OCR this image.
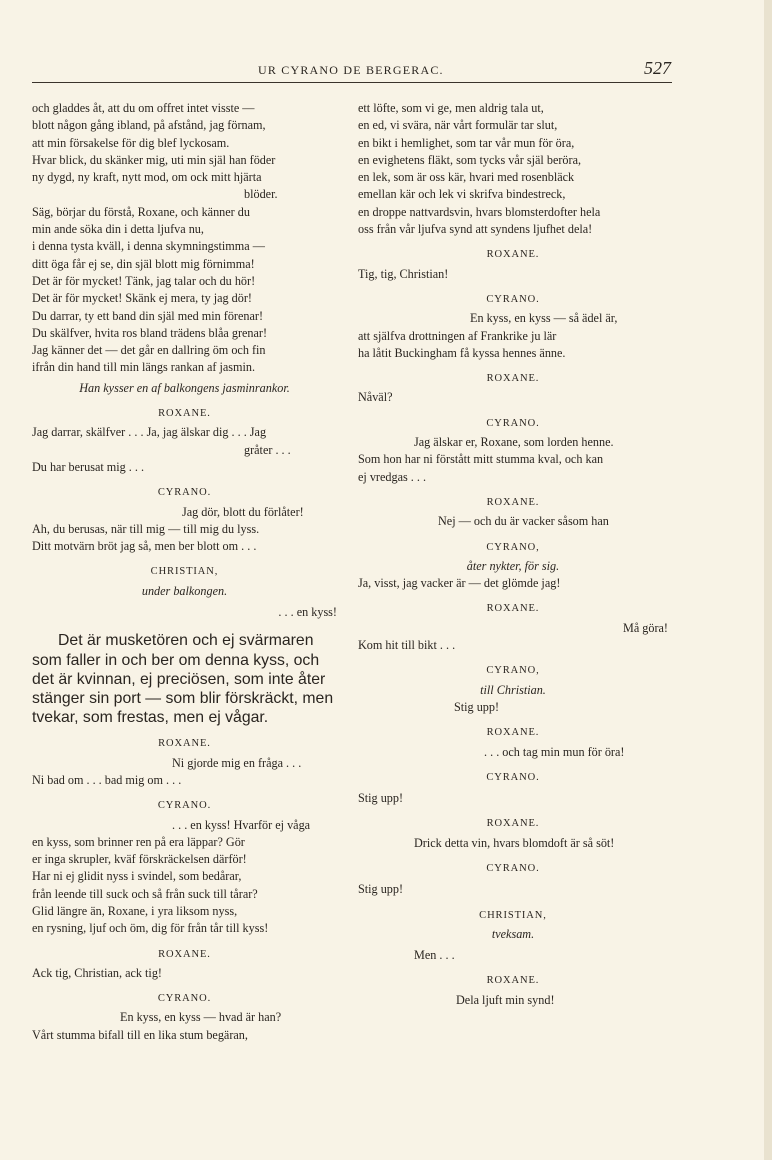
UR CYRANO DE BERGERAC.	527
och gladdes åt, att du om offret intet visste —
blott någon gång ibland, på afstånd, jag förnam,
att min försakelse för dig blef lyckosam.
Hvar blick, du skänker mig, uti min själ han föder
ny dygd, ny kraft, nytt mod, om ock mitt hjärta
blöder.
Säg, börjar du förstå, Roxane, och känner du
min ande söka din i detta ljufva nu,
i denna tysta kväll, i denna skymningstimma —
ditt öga får ej se, din själ blott mig förnimma!
Det är för mycket! Tänk, jag talar och du hör!
Det är för mycket! Skänk ej mera, ty jag dör!
Du darrar, ty ett band din själ med min förenar!
Du skälfver, hvita ros bland trädens blåa grenar!
Jag känner det — det går en dallring öm och fin
ifrån din hand till min längs rankan af jasmin.
Han kysser en af balkongens jasminrankor.
ROXANE.
Jag darrar, skälfver . . . Ja, jag älskar dig . . . Jag
gråter . . .
Du har berusat mig . . .
CYRANO.
Jag dör, blott du förlåter!
Ah, du berusas, när till mig — till mig du lyss.
Ditt motvärn bröt jag så, men ber blott om . . .
CHRISTIAN,
under balkongen.
. . . en kyss!
Det är musketören och ej svärmaren
som faller in och ber om denna kyss, och
det är kvinnan, ej preciösen, som inte åter
stänger sin port — som blir förskräckt, men
tvekar, som frestas, men ej vågar.
ROXANE.
Ni gjorde mig en fråga . . .
Ni bad om . . . bad mig om . . .
CYRANO.
. . . en kyss! Hvarför ej våga
en kyss, som brinner ren på era läppar? Gör
er inga skrupler, kväf förskräckelsen därför!
Har ni ej glidit nyss i svindel, som bedårar,
från leende till suck och så från suck till tårar?
Glid längre än, Roxane, i yra liksom nyss,
en rysning, ljuf och öm, dig för från tår till kyss!
ROXANE.
Ack tig, Christian, ack tig!
CYRANO.
En kyss, en kyss — hvad är han?
Vårt stumma bifall till en lika stum begäran,
ett löfte, som vi ge, men aldrig tala ut,
en ed, vi svära, när vårt formulär tar slut,
en bikt i hemlighet, som tar vår mun för öra,
en evighetens fläkt, som tycks vår själ beröra,
en lek, som är oss kär, hvari med rosenbläck
emellan kär och lek vi skrifva bindestreck,
en droppe nattvardsvin, hvars blomsterdofter hela
oss från vår ljufva synd att syndens ljufhet dela!
ROXANE.
Tig, tig, Christian!
CYRANO.
En kyss, en kyss — så ädel är,
att själfva drottningen af Frankrike ju lär
ha låtit Buckingham få kyssa hennes änne.
ROXANE.
Nåväl?
CYRANO.
Jag älskar er, Roxane, som lorden henne.
Som hon har ni förstått mitt stumma kval, och kan
ej vredgas . . .
ROXANE.
Nej — och du är vacker såsom han
CYRANO,
åter nykter, för sig.
Ja, visst, jag vacker är — det glömde jag!
ROXANE.
Må göra!
Kom hit till bikt . . .
CYRANO,
till Christian.
Stig upp!
ROXANE.
. . . och tag min mun för öra!
CYRANO.
Stig upp!
ROXANE.
Drick detta vin, hvars blomdoft är så söt!
CYRANO.
Stig upp!
CHRISTIAN,
tveksam.
Men . . .
ROXANE.
Dela ljuft min synd!
